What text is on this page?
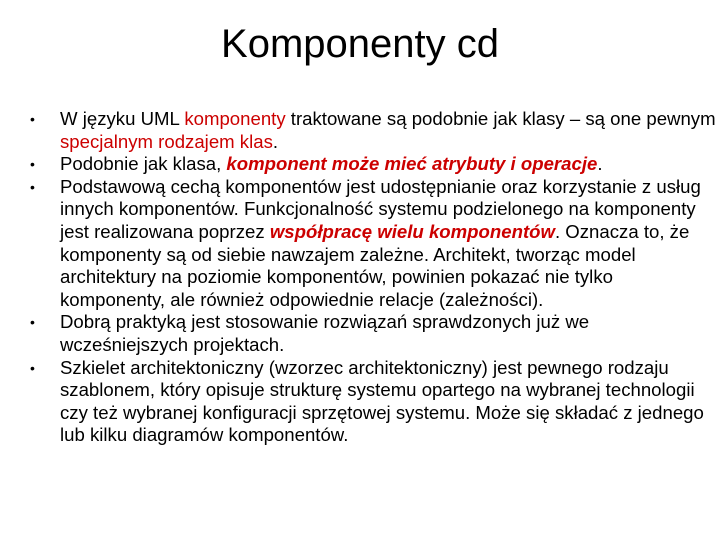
Komponenty cd
• W języku UML komponenty traktowane są podobnie jak klasy – są one pewnym specjalnym rodzajem klas.
• Podobnie jak klasa, komponent może mieć atrybuty i operacje.
• Podstawową cechą komponentów jest udostępnianie oraz korzystanie z usług innych komponentów. Funkcjonalność systemu podzielonego na komponenty jest realizowana poprzez współpracę wielu komponentów. Oznacza to, że komponenty są od siebie nawzajem zależne. Architekt, tworząc model architektury na poziomie komponentów, powinien pokazać nie tylko komponenty, ale również odpowiednie relacje (zależności).
• Dobrą praktyką jest stosowanie rozwiązań sprawdzonych już we wcześniejszych projektach.
• Szkielet architektoniczny (wzorzec architektoniczny) jest pewnego rodzaju szablonem, który opisuje strukturę systemu opartego na wybranej technologii czy też wybranej konfiguracji sprzętowej systemu. Może się składać z jednego lub kilku diagramów komponentów.
